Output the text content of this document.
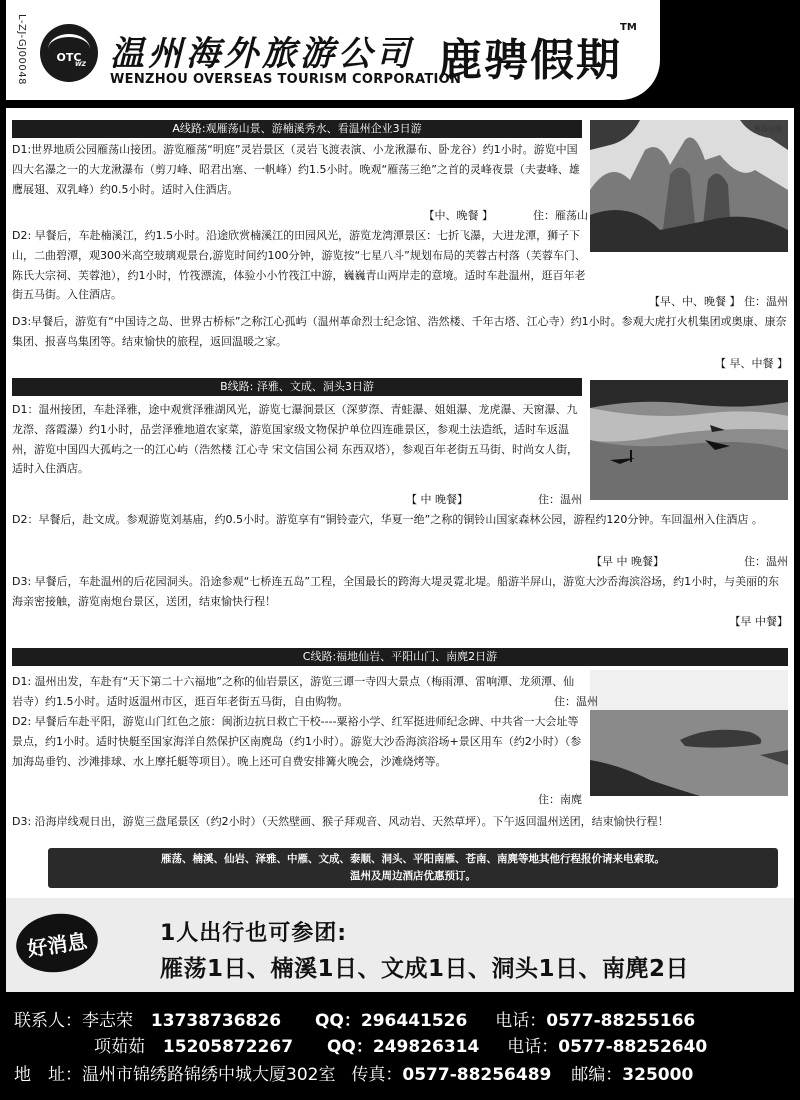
L-ZJ-GJ00048	OTC
WZ 温州海外旅游公司
WENZHOU OVERSEAS TOURISM CORPORATION
鹿骋假期
TM
A线路:观雁荡山景、游楠溪秀水、看温州企业3日游	雁荡山景

D1:世界地质公园雁荡山接团。游览雁荡“明庭”灵岩景区（灵岩飞渡表演、小龙湫瀑布、卧龙谷）约1小时。游览中国四大名瀑之一的大龙湫瀑布（剪刀峰、昭君出塞、一帆峰）约1.5小时。晚观“雁荡三绝”之首的灵峰夜景（夫妻峰、雄鹰展翅、双乳峰）约0.5小时。适时入住酒店。

【中、晚餐 】	住：雁荡山

D2: 早餐后，车赴楠溪江，约1.5小时。沿途欣赏楠溪江的田园风光，游览龙湾潭景区：七折飞瀑，大进龙潭，狮子下山，二曲碧潭，观300米高空玻璃观景台,游览时间约100分钟，游览按“七星八斗”规划布局的芙蓉古村落（芙蓉车门、陈氏大宗祠、芙蓉池），约1小时，竹筏漂流，体验小小竹筏江中游，巍巍青山两岸走的意境。适时车赴温州，逛百年老街五马街。入住酒店。

【早、中、晚餐 】
住：温州

D3:早餐后，游览有“中国诗之岛、世界古桥标”之称江心孤屿（温州革命烈士纪念馆、浩然楼、千年古塔、江心寺）约1小时。参观大虎打火机集团或奥康、康奈集团、报喜鸟集团等。结束愉快的旅程，返回温暖之家。

【 早、中餐 】
B线路: 泽雅、文成、洞头3日游

D1：温州接团，车赴泽雅，途中观赏泽雅湖风光，游览七瀑涧景区（深萝漈、青蛙瀑、姐姐瀑、龙虎瀑、天窗瀑、九龙漈、落霞瀑）约1小时，品尝泽雅地道农家菜，游览国家级文物保护单位四连碓景区，参观土法造纸，适时车返温州，游览中国四大孤屿之一的江心屿（浩然楼 江心寺 宋文信国公祠 东西双塔），参观百年老街五马街、时尚女人街，适时入住酒店。

【 中 晚餐】	住：温州

D2：早餐后，赴文成。参观游览刘基庙，约0.5小时。游览享有“铜铃壶穴，华夏一绝”之称的铜铃山国家森林公园，游程约120分钟。车回温州入住酒店 。

【早 中 晚餐】	住：温州

D3: 早餐后，车赴温州的后花园洞头。沿途参观“七桥连五岛”工程，全国最长的跨海大堤灵霓北堤。船游半屏山，游览大沙岙海滨浴场，约1小时，与美丽的东海亲密接触，游览南炮台景区，送团，结束愉快行程！

【早 中餐】
C线路:福地仙岩、平阳山门、南麂2日游

D1: 温州出发，车赴有“天下第二十六福地”之称的仙岩景区，游览三谭一寺四大景点（梅雨潭、雷响潭、龙须潭、仙岩寺）约1.5小时。适时返温州市区，逛百年老街五马街，自由购物。	住：温州

D2: 早餐后车赴平阳，游览山门红色之旅：闽浙边抗日救亡干校----粟裕小学、红军挺进师纪念碑、中共省一大会址等景点，约1小时。适时快艇至国家海洋自然保护区南麂岛（约1小时）。游览大沙岙海滨浴场+景区用车（约2小时）（参加海岛垂钓、沙滩排球、水上摩托艇等项目）。晚上还可自费安排篝火晚会，沙滩烧烤等。

住：南麂

D3: 沿海岸线观日出，游览三盘尾景区（约2小时）（天然壁画、猴子拜观音、风动岩、天然草坪）。下午返回温州送团，结束愉快行程！

雁荡、楠溪、仙岩、泽雅、中雁、文成、泰顺、洞头、平阳南雁、苍南、南麂等地其他行程报价请来电索取。
温州及周边酒店优惠预订。
好消息	1人出行也可参团:
雁荡1日、楠溪1日、文成1日、洞头1日、南麂2日
联系人：李志荣 13738736826 QQ：296441526 电话：0577-88255166
项茹茹 15205872267 QQ：249826314 电话：0577-88252640
地　址：温州市锦绣路锦绣中城大厦302室 传真：0577-88256489 邮编：325000
